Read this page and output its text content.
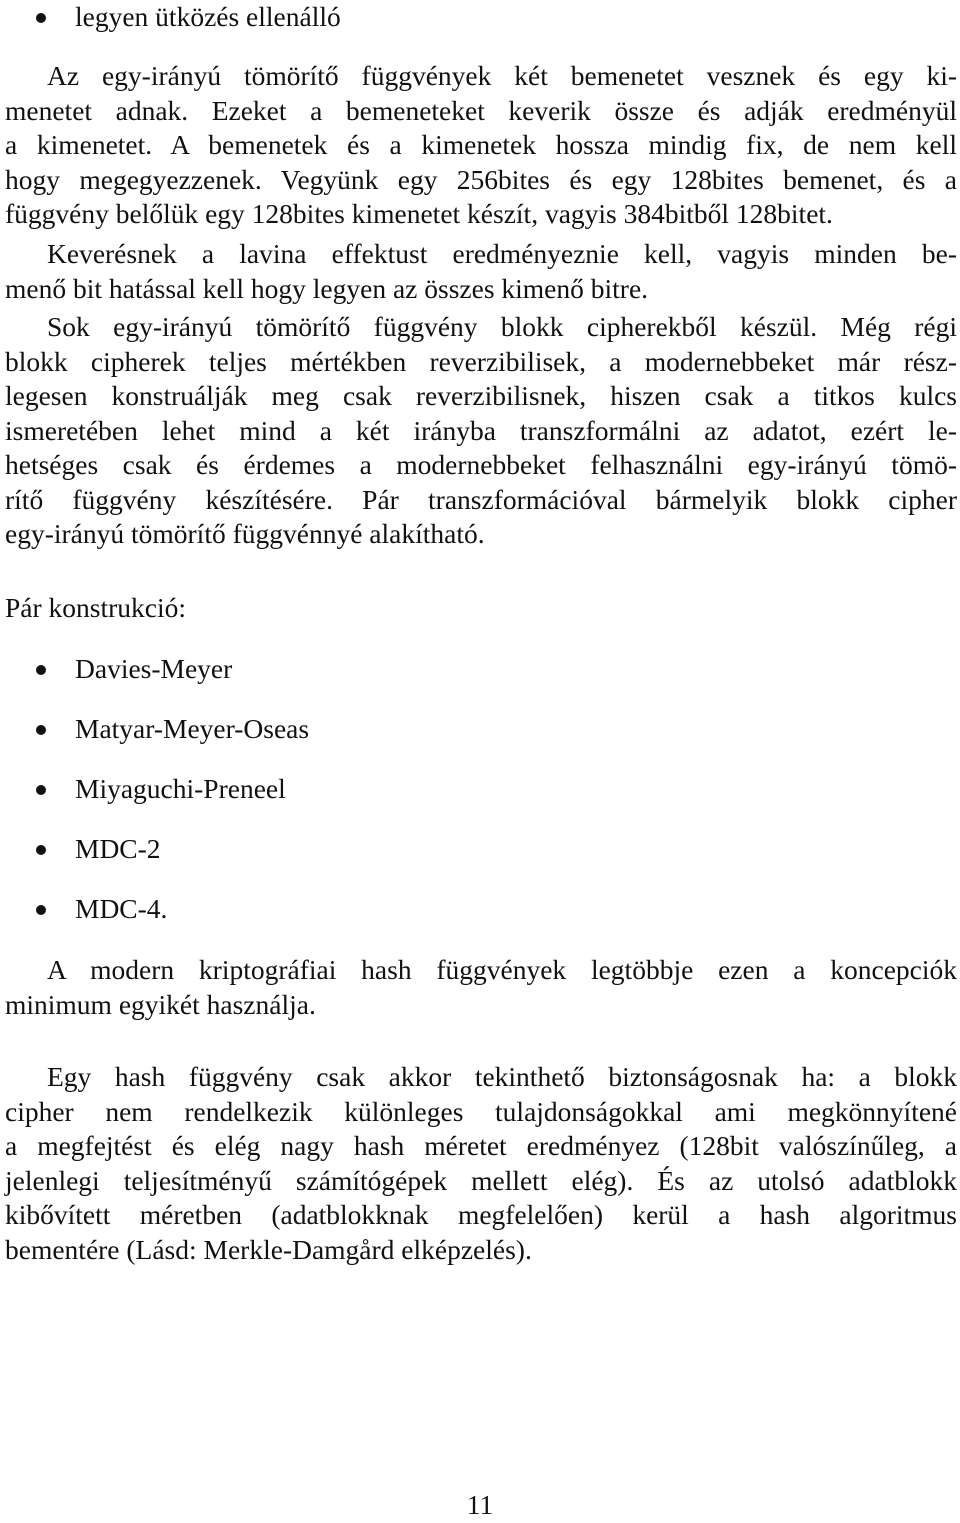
legyen ütközés ellenálló
Az egy-irányú tömörítő függvények két bemenetet vesznek és egy ki-
menetet adnak. Ezeket a bemeneteket keverik össze és adják eredményül
a kimenetet. A bemenetek és a kimenetek hossza mindig fix, de nem kell
hogy megegyezzenek. Vegyünk egy 256bites és egy 128bites bemenet, és a
függvény belőlük egy 128bites kimenetet készít, vagyis 384bitből 128bitet.
Keverésnek a lavina effektust eredményeznie kell, vagyis minden be-
menő bit hatással kell hogy legyen az összes kimenő bitre.
Sok egy-irányú tömörítő függvény blokk cipherekből készül. Még régi
blokk cipherek teljes mértékben reverzibilisek, a modernebbeket már rész-
legesen konstruálják meg csak reverzibilisnek, hiszen csak a titkos kulcs
ismeretében lehet mind a két irányba transzformálni az adatot, ezért le-
hetséges csak és érdemes a modernebbeket felhasználni egy-irányú tömö-
rítő függvény készítésére. Pár transzformációval bármelyik blokk cipher
egy-irányú tömörítő függvénnyé alakítható.
Pár konstrukció:
Davies-Meyer
Matyar-Meyer-Oseas
Miyaguchi-Preneel
MDC-2
MDC-4.
A modern kriptográfiai hash függvények legtöbbje ezen a koncepciók
minimum egyikét használja.
Egy hash függvény csak akkor tekinthető biztonságosnak ha: a blokk
cipher nem rendelkezik különleges tulajdonságokkal ami megkönnyítené
a megfejtést és elég nagy hash méretet eredményez (128bit valószínűleg, a
jelenlegi teljesítményű számítógépek mellett elég). És az utolsó adatblokk
kibővített méretben (adatblokknak megfelelően) kerül a hash algoritmus
bementére (Lásd: Merkle-Damgård elképzelés).
11
